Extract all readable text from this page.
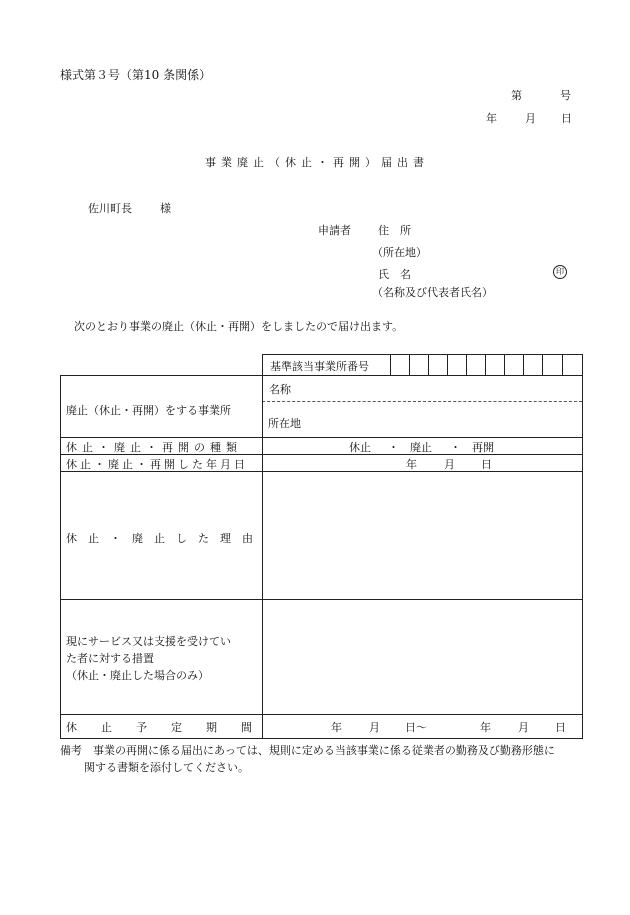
様式第３号（第10 条関係）
第	号
年	月 日
事業廃止（休止・再開）届出書
佐川町長	様
申請者 住　所
（所在地）
氏　名	印
（名称及び代表者氏名）
次のとおり事業の廃止（休止・再開）をしましたので届け出ます。
基準該当事業所番号
廃止（休止・再開）をする事業所
名称
所在地
休止・廃止・再開の種類	休止 ・ 廃止 ・ 再開
休止・廃止・再開した年月日	年 月 日
休止・廃止した理由
現にサービス又は支援を受けてい
た者に対する措置
（休止・廃止した場合のみ）
休止予定期間	年 月 日〜	年 月 日
備考 事業の再開に係る届出にあっては、規則に定める当該事業に係る従業者の勤務及び勤務形態に
関する書類を添付してください。
